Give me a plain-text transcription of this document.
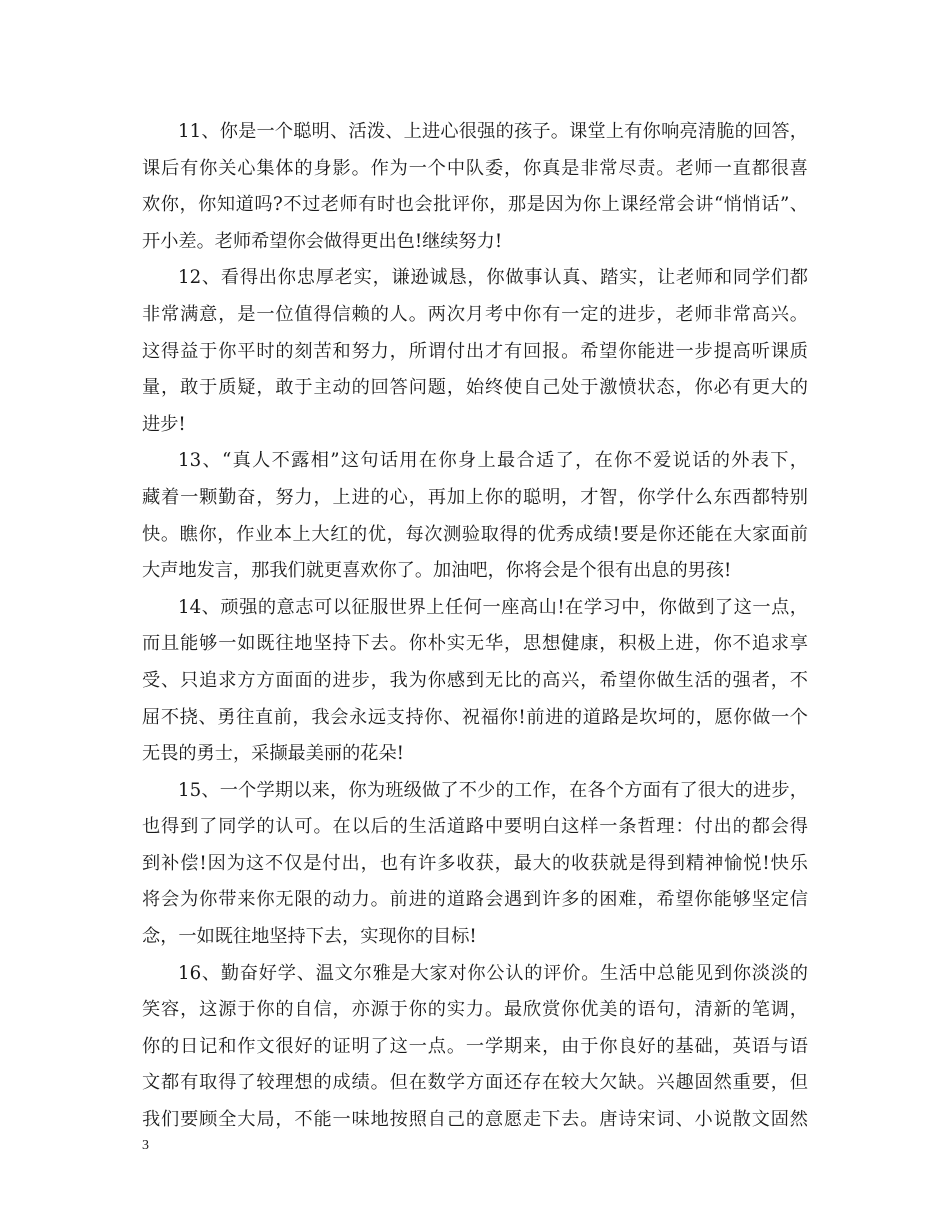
11、你是一个聪明、活泼、上进心很强的孩子。课堂上有你响亮清脆的回答，
课后有你关心集体的身影。作为一个中队委，你真是非常尽责。老师一直都很喜
欢你，你知道吗?不过老师有时也会批评你，那是因为你上课经常会讲“悄悄话”、
开小差。老师希望你会做得更出色!继续努力!
12、看得出你忠厚老实，谦逊诚恳，你做事认真、踏实，让老师和同学们都
非常满意，是一位值得信赖的人。两次月考中你有一定的进步，老师非常高兴。
这得益于你平时的刻苦和努力，所谓付出才有回报。希望你能进一步提高听课质
量，敢于质疑，敢于主动的回答问题，始终使自己处于激愤状态，你必有更大的
进步!
13、“真人不露相”这句话用在你身上最合适了，在你不爱说话的外表下，
藏着一颗勤奋，努力，上进的心，再加上你的聪明，才智，你学什么东西都特别
快。瞧你，作业本上大红的优，每次测验取得的优秀成绩!要是你还能在大家面前
大声地发言，那我们就更喜欢你了。加油吧，你将会是个很有出息的男孩!
14、顽强的意志可以征服世界上任何一座高山!在学习中，你做到了这一点，
而且能够一如既往地坚持下去。你朴实无华，思想健康，积极上进，你不追求享
受、只追求方方面面的进步，我为你感到无比的高兴，希望你做生活的强者，不
屈不挠、勇往直前，我会永远支持你、祝福你!前进的道路是坎坷的，愿你做一个
无畏的勇士，采撷最美丽的花朵!
15、一个学期以来，你为班级做了不少的工作，在各个方面有了很大的进步，
也得到了同学的认可。在以后的生活道路中要明白这样一条哲理：付出的都会得
到补偿!因为这不仅是付出，也有许多收获，最大的收获就是得到精神愉悦!快乐
将会为你带来你无限的动力。前进的道路会遇到许多的困难，希望你能够坚定信
念，一如既往地坚持下去，实现你的目标!
16、勤奋好学、温文尔雅是大家对你公认的评价。生活中总能见到你淡淡的
笑容，这源于你的自信，亦源于你的实力。最欣赏你优美的语句，清新的笔调，
你的日记和作文很好的证明了这一点。一学期来，由于你良好的基础，英语与语
文都有取得了较理想的成绩。但在数学方面还存在较大欠缺。兴趣固然重要，但
我们要顾全大局，不能一味地按照自己的意愿走下去。唐诗宋词、小说散文固然
3
